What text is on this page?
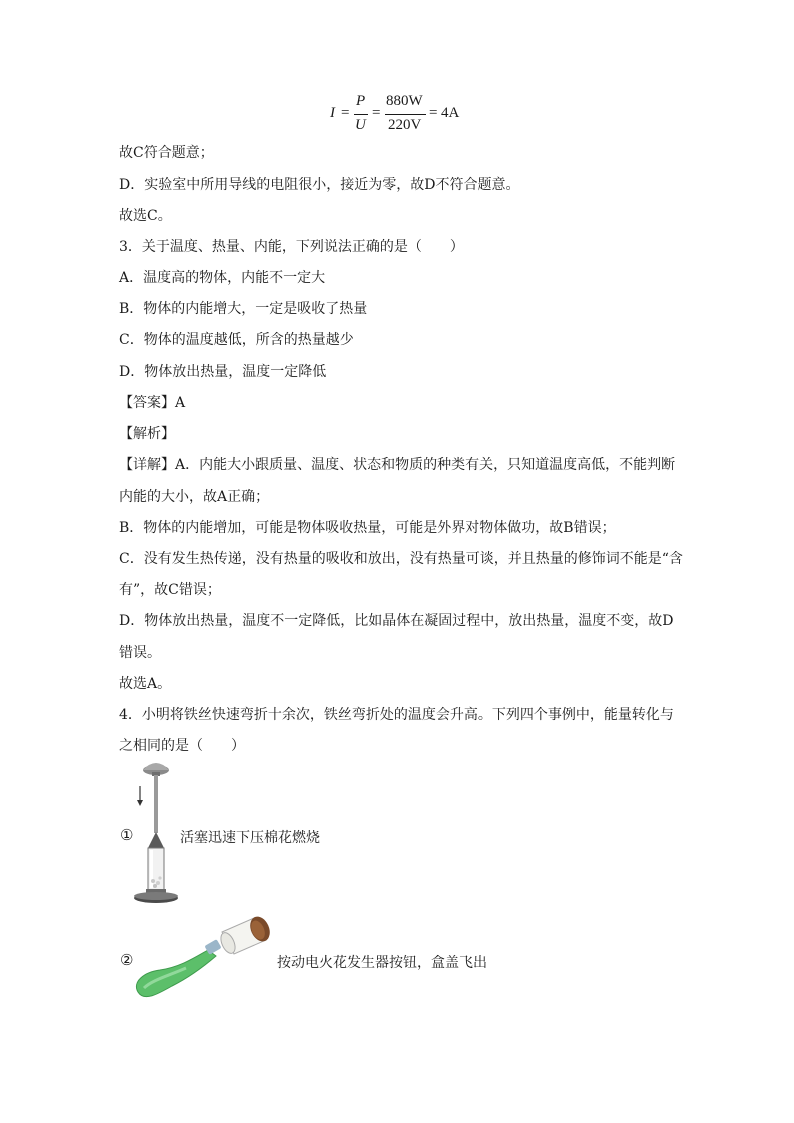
I =
P
U
=
880W
220V
= 4A
故C符合题意；
D．实验室中所用导线的电阻很小，接近为零，故D不符合题意。
故选C。
3．关于温度、热量、内能，下列说法正确的是（　　）
A．温度高的物体，内能不一定大
B．物体的内能增大，一定是吸收了热量
C．物体的温度越低，所含的热量越少
D．物体放出热量，温度一定降低
【答案】A
【解析】
【详解】A．内能大小跟质量、温度、状态和物质的种类有关，只知道温度高低，不能判断
内能的大小，故A正确；
B．物体的内能增加，可能是物体吸收热量，可能是外界对物体做功，故B错误；
C．没有发生热传递，没有热量的吸收和放出，没有热量可谈，并且热量的修饰词不能是“含
有”，故C错误；
D．物体放出热量，温度不一定降低，比如晶体在凝固过程中，放出热量，温度不变，故D
错误。
故选A。
4．小明将铁丝快速弯折十余次，铁丝弯折处的温度会升高。下列四个事例中，能量转化与
之相同的是（　　）
①	活塞迅速下压棉花燃烧
②	按动电火花发生器按钮，盒盖飞出
